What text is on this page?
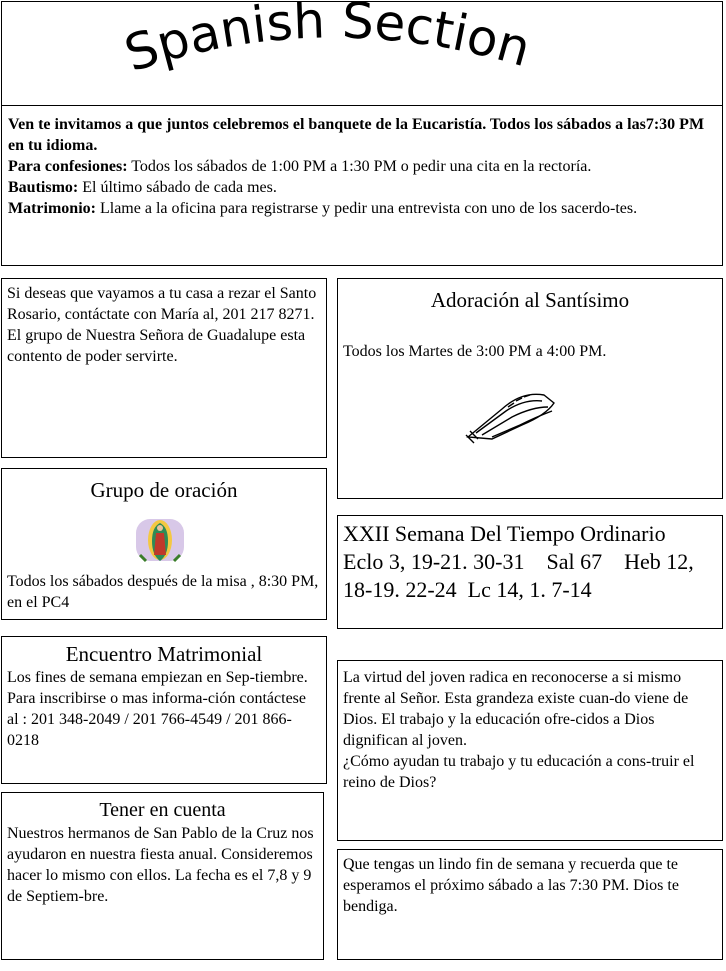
Spanish Section

Ven te invitamos a que juntos celebremos el banquete de la Eucaristía. Todos los sábados a las7:30 PM en tu idioma.

Para confesiones: Todos los sábados de 1:00 PM a 1:30 PM o pedir una cita en la rectoría.

Bautismo: El último sábado de cada mes.

Matrimonio: Llame a la oficina para registrarse y pedir una entrevista con uno de los sacerdo-tes.

Si deseas que vayamos a tu casa a rezar el Santo Rosario, contáctate con María al, 201 217 8271.

El grupo de Nuestra Señora de Guadalupe esta contento de poder servirte.

Adoración al Santísimo

Todos los Martes de 3:00 PM a 4:00 PM.

Grupo de oración

Todos los sábados después de la misa , 8:30 PM, en el PC4

XXII Semana Del Tiempo Ordinario
Eclo 3, 19-21. 30-31    Sal 67    Heb 12, 18-19. 22-24  Lc 14, 1. 7-14
Encuentro Matrimonial

Los fines de semana empiezan en Sep-tiembre. Para inscribirse o mas informa-ción contáctese al : 201 348-2049 / 201 766-4549 / 201 866-0218

La virtud del joven radica en reconocerse a si mismo frente al Señor. Esta grandeza existe cuan-do viene de Dios. El trabajo y la educación ofre-cidos a Dios dignifican al joven.

¿Cómo ayudan tu trabajo y tu educación a cons-truir el reino de Dios?

Tener en cuenta

Nuestros hermanos de San Pablo de la Cruz nos ayudaron en nuestra fiesta anual. Consideremos hacer lo mismo con ellos. La fecha es el 7,8 y 9 de Septiem-bre.

Que tengas un lindo fin de semana y recuerda que te esperamos el próximo sábado a las 7:30 PM. Dios te bendiga.
